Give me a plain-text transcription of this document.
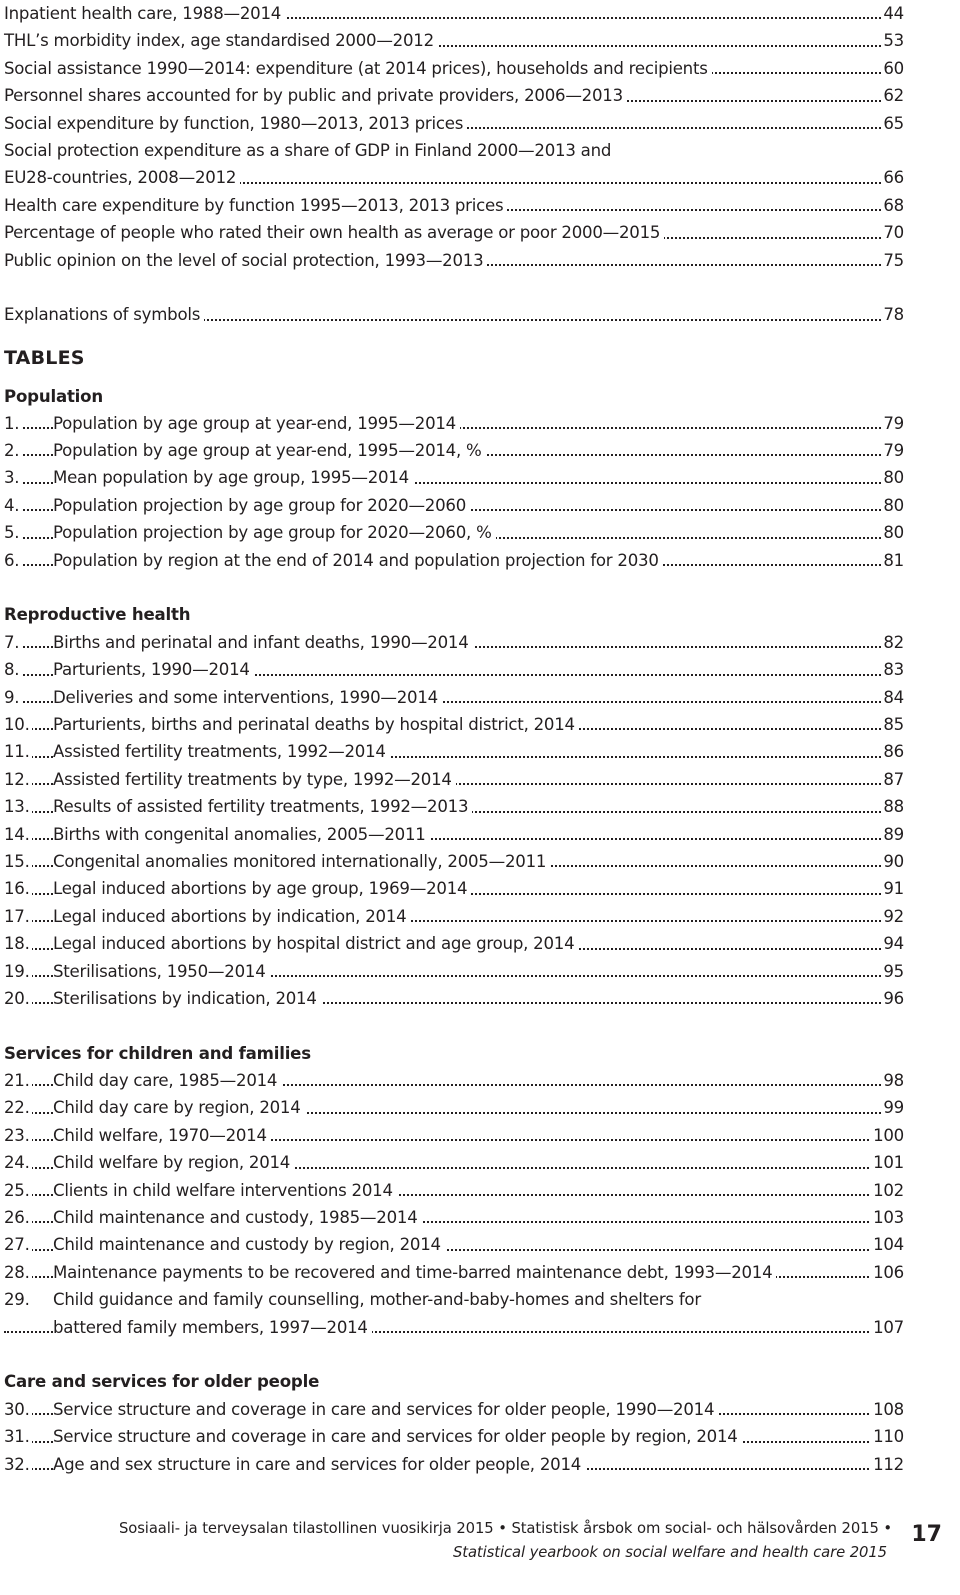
Inpatient health care, 1988—2014	44
THL’s morbidity index, age standardised 2000—2012	53
Social assistance 1990—2014: expenditure (at 2014 prices), households and recipients	60
Personnel shares accounted for by public and private providers, 2006—2013	62
Social expenditure by function, 1980—2013, 2013 prices	65
Social protection expenditure as a share of GDP in Finland 2000—2013 and
EU28-countries, 2008—2012	66
Health care expenditure by function 1995—2013, 2013 prices	68
Percentage of people who rated their own health as average or poor 2000—2015	70
Public opinion on the level of social protection, 1993—2013	75
Explanations of symbols	78
TABLES
Population
1. Population by age group at year-end, 1995—2014	79
2. Population by age group at year-end, 1995—2014, %	79
3. Mean population by age group, 1995—2014	80
4. Population projection by age group for 2020—2060	80
5. Population projection by age group for 2020—2060, %	80
6. Population by region at the end of 2014 and population projection for 2030	81
Reproductive health
7. Births and perinatal and infant deaths, 1990—2014	82
8. Parturients, 1990—2014	83
9. Deliveries and some interventions, 1990—2014	84
10. Parturients, births and perinatal deaths by hospital district, 2014	85
11. Assisted fertility treatments, 1992—2014	86
12. Assisted fertility treatments by type, 1992—2014	87
13. Results of assisted fertility treatments, 1992—2013	88
14. Births with congenital anomalies, 2005—2011	89
15. Congenital anomalies monitored internationally, 2005—2011	90
16. Legal induced abortions by age group, 1969—2014	91
17. Legal induced abortions by indication, 2014	92
18. Legal induced abortions by hospital district and age group, 2014	94
19. Sterilisations, 1950—2014	95
20. Sterilisations by indication, 2014	96
Services for children and families
21. Child day care, 1985—2014	98
22. Child day care by region, 2014	99
23. Child welfare, 1970—2014	100
24. Child welfare by region, 2014	101
25. Clients in child welfare interventions 2014	102
26. Child maintenance and custody, 1985—2014	103
27. Child maintenance and custody by region, 2014	104
28. Maintenance payments to be recovered and time-barred maintenance debt, 1993—2014	106
29. Child guidance and family counselling, mother-and-baby-homes and shelters for
battered family members, 1997—2014	107
Care and services for older people
30. Service structure and coverage in care and services for older people, 1990—2014	108
31. Service structure and coverage in care and services for older people by region, 2014	110
32. Age and sex structure in care and services for older people, 2014	112
Sosiaali- ja terveysalan tilastollinen vuosikirja 2015 • Statistisk årsbok om social- och hälsovården 2015 •
Statistical yearbook on social welfare and health care 2015
17
